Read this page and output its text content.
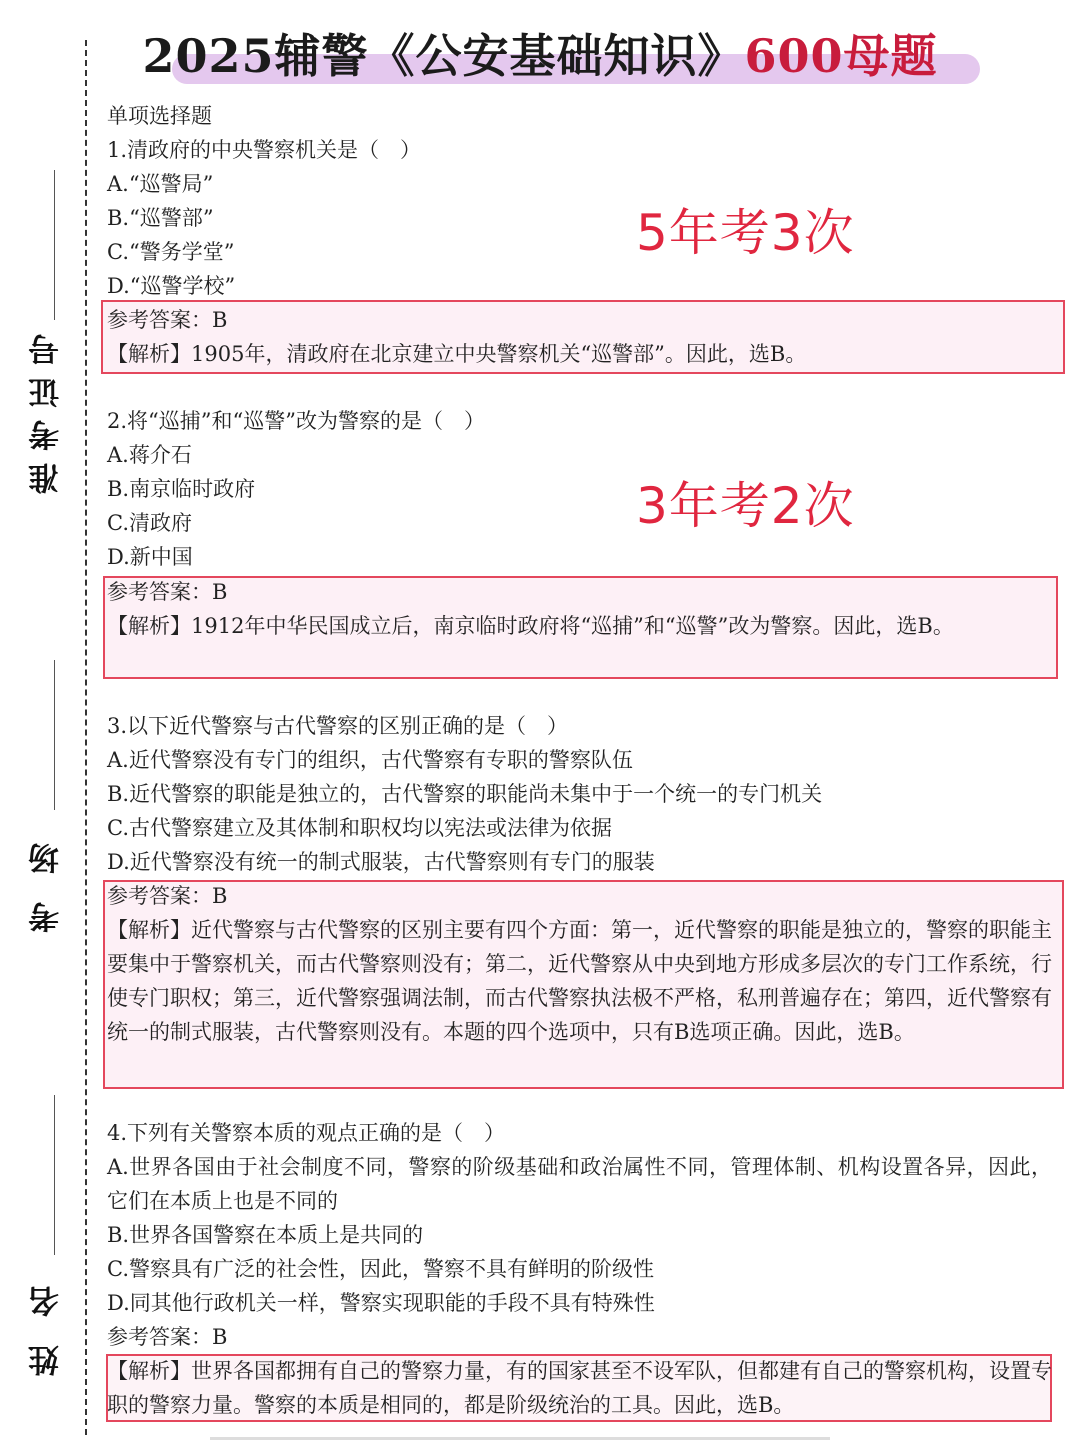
2025辅警《公安基础知识》600母题
准考证号
考场
姓名
单项选择题
1.清政府的中央警察机关是（　）
A.“巡警局”
B.“巡警部”
C.“警务学堂”
D.“巡警学校”
5年考3次
参考答案：B
【解析】1905年，清政府在北京建立中央警察机关“巡警部”。因此，选B。
2.将“巡捕”和“巡警”改为警察的是（　）
A.蒋介石
B.南京临时政府
C.清政府
D.新中国
3年考2次
参考答案：B
【解析】1912年中华民国成立后，南京临时政府将“巡捕”和“巡警”改为警察。因此，选B。
3.以下近代警察与古代警察的区别正确的是（　）
A.近代警察没有专门的组织，古代警察有专职的警察队伍
B.近代警察的职能是独立的，古代警察的职能尚未集中于一个统一的专门机关
C.古代警察建立及其体制和职权均以宪法或法律为依据
D.近代警察没有统一的制式服装，古代警察则有专门的服装
参考答案：B
【解析】近代警察与古代警察的区别主要有四个方面：第一，近代警察的职能是独立的，警察的职能主要集中于警察机关，而古代警察则没有；第二，近代警察从中央到地方形成多层次的专门工作系统，行使专门职权；第三，近代警察强调法制，而古代警察执法极不严格，私刑普遍存在；第四，近代警察有统一的制式服装，古代警察则没有。本题的四个选项中，只有B选项正确。因此，选B。
4.下列有关警察本质的观点正确的是（　）
A.世界各国由于社会制度不同，警察的阶级基础和政治属性不同，管理体制、机构设置各异，因此，它们在本质上也是不同的
B.世界各国警察在本质上是共同的
C.警察具有广泛的社会性，因此，警察不具有鲜明的阶级性
D.同其他行政机关一样，警察实现职能的手段不具有特殊性
参考答案：B
【解析】世界各国都拥有自己的警察力量，有的国家甚至不设军队，但都建有自己的警察机构，设置专职的警察力量。警察的本质是相同的，都是阶级统治的工具。因此，选B。
